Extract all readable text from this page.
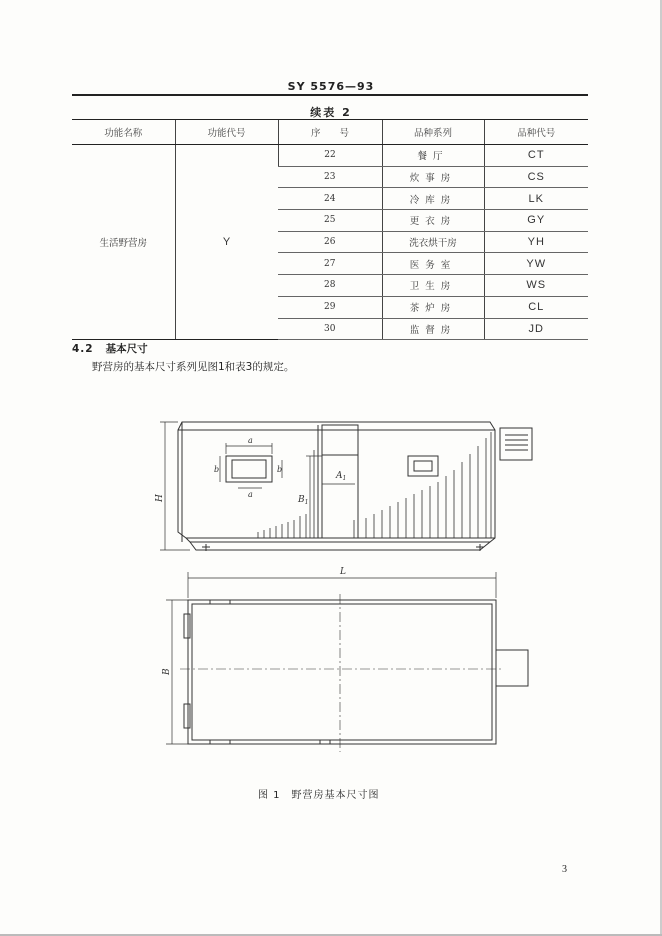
SY 5576—93
续表 2
功能名称	功能代号	序　　号	品种系列	品种代号
生活野营房	Y	22	餐厅	CT
		23	炊事房	CS
		24	冷库房	LK
		25	更衣房	GY
		26	洗衣烘干房	YH
		27	医务室	YW
		28	卫生房	WS
		29	茶炉房	CL
		30	监督房	JD
4.2 基本尺寸
野营房的基本尺寸系列见图1和表3的规定。
a
a
b	b
$A_1$
$B_1$
H
L
B
图 1　野营房基本尺寸图
3
